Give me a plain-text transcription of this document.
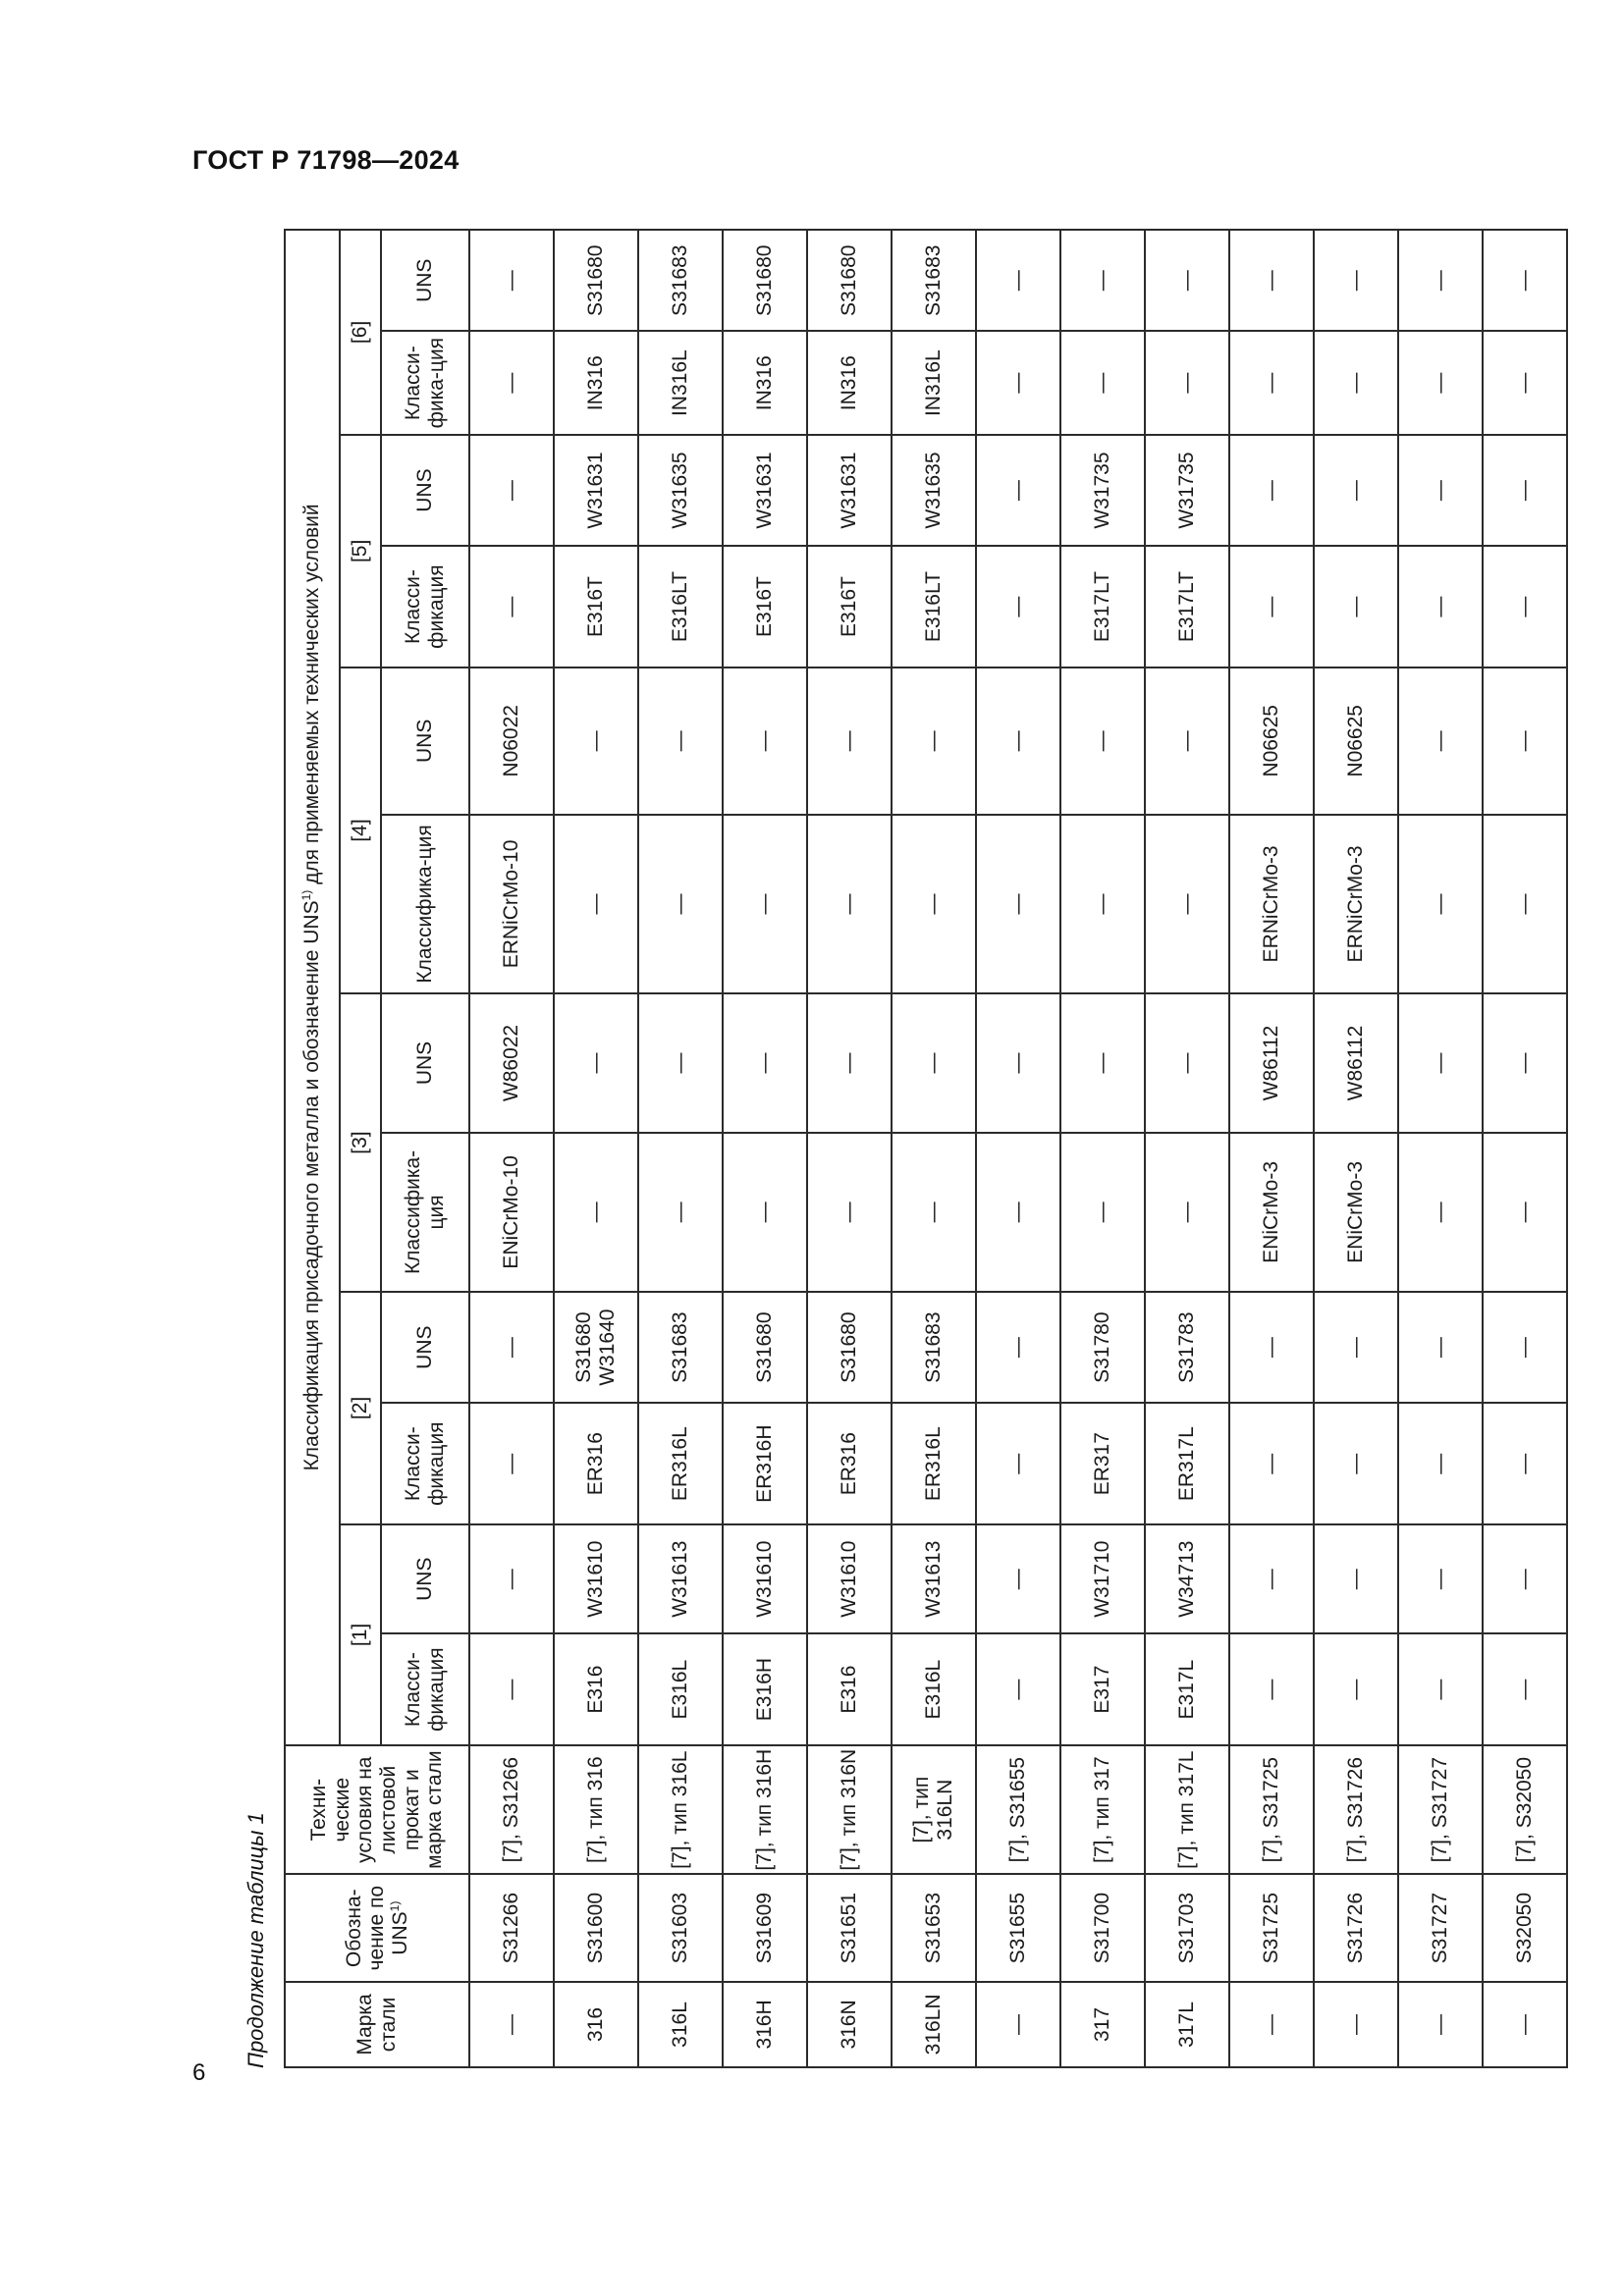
ГОСТ Р 71798—2024
Продолжение таблицы 1	Марка стали	Обозна-чение по UNS$^{1)}$	Техни-ческие условия на листовой прокат и марка стали	Классификация присадочного металла и обозначение UNS$^{1)}$ для применяемых технических условий											
			[1]		[2]		[3]		[4]		[5]		[6]	
			Класси-фикация	UNS	Класси-фикация	UNS	Классифика-ция	UNS	Классифика-ция	UNS	Класси-фикация	UNS	Класси-фика-ция	UNS
—	S31266	[7], S31266	—	—	—	—	ENiCrMo-10	W86022	ERNiCrMo-10	N06022	—	—	—	—
316	S31600	[7], тип 316	E316	W31610	ER316	S31680 W31640	—	—	—	—	E316T	W31631	IN316	S31680
316L	S31603	[7], тип 316L	E316L	W31613	ER316L	S31683	—	—	—	—	E316LT	W31635	IN316L	S31683
316H	S31609	[7], тип 316H	E316H	W31610	ER316H	S31680	—	—	—	—	E316T	W31631	IN316	S31680
316N	S31651	[7], тип 316N	E316	W31610	ER316	S31680	—	—	—	—	E316T	W31631	IN316	S31680
316LN	S31653	[7], тип 316LN	E316L	W31613	ER316L	S31683	—	—	—	—	E316LT	W31635	IN316L	S31683
—	S31655	[7], S31655	—	—	—	—	—	—	—	—	—	—	—	—
317	S31700	[7], тип 317	E317	W31710	ER317	S31780	—	—	—	—	E317LT	W31735	—	—
317L	S31703	[7], тип 317L	E317L	W34713	ER317L	S31783	—	—	—	—	E317LT	W31735	—	—
—	S31725	[7], S31725	—	—	—	—	ENiCrMo-3	W86112	ERNiCrMo-3	N06625	—	—	—	—
—	S31726	[7], S31726	—	—	—	—	ENiCrMo-3	W86112	ERNiCrMo-3	N06625	—	—	—	—
—	S31727	[7], S31727	—	—	—	—	—	—	—	—	—	—	—	—
—	S32050	[7], S32050	—	—	—	—	—	—	—	—	—	—	—	—
6
